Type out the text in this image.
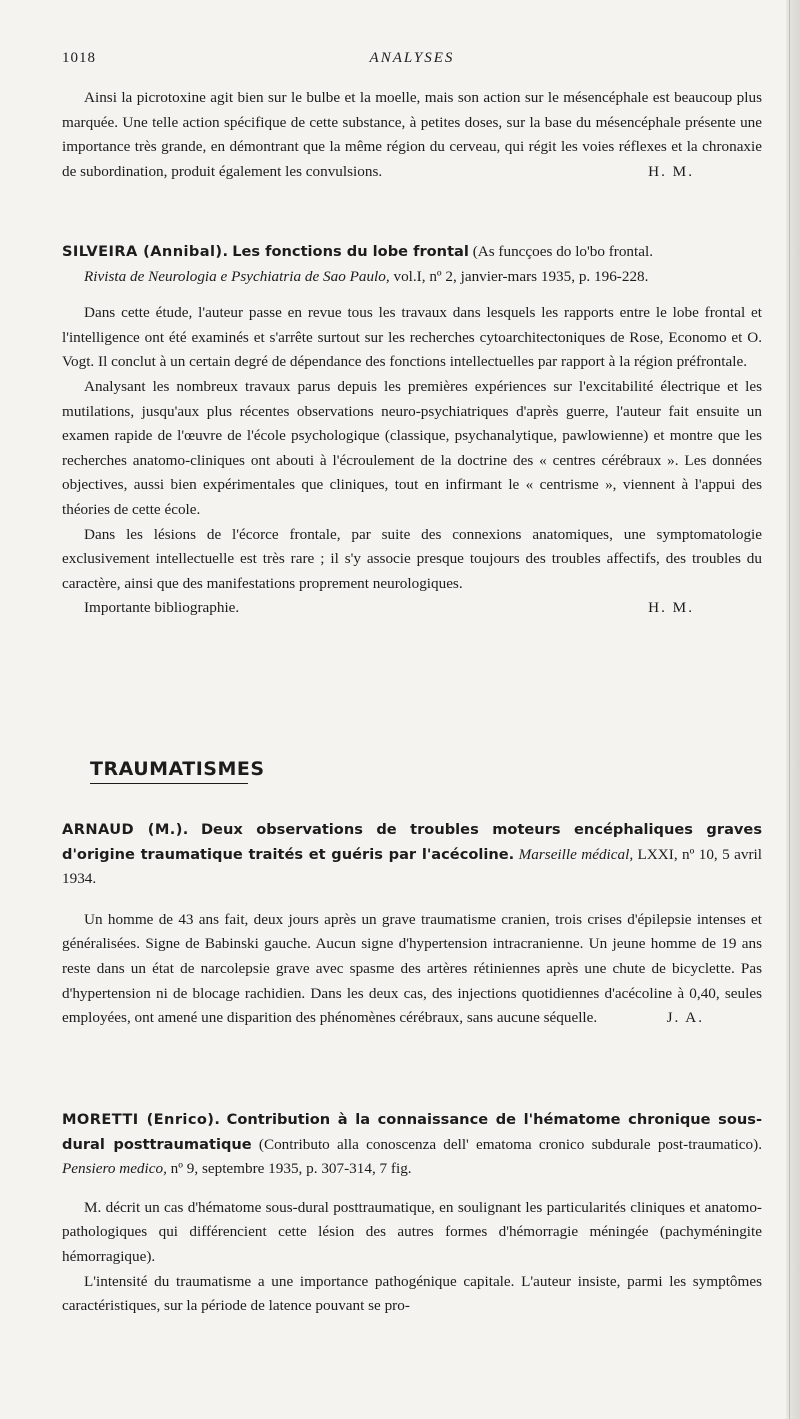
1018	ANALYSES

Ainsi la picrotoxine agit bien sur le bulbe et la moelle, mais son action sur le mésencéphale est beaucoup plus marquée. Une telle action spécifique de cette substance, à petites doses, sur la base du mésencéphale présente une importance très grande, en démontrant que la même région du cerveau, qui régit les voies réflexes et la chronaxie de subordination, produit également les convulsions.	H. M.

SILVEIRA (Annibal). Les fonctions du lobe frontal (As funcçoes do lo'bo frontal.
Rivista de Neurologia e Psychiatria de Sao Paulo, vol.I, nº 2, janvier-mars 1935, p. 196-228.

Dans cette étude, l'auteur passe en revue tous les travaux dans lesquels les rapports entre le lobe frontal et l'intelligence ont été examinés et s'arrête surtout sur les recherches cytoarchitectoniques de Rose, Economo et O. Vogt. Il conclut à un certain degré de dépendance des fonctions intellectuelles par rapport à la région préfrontale.

Analysant les nombreux travaux parus depuis les premières expériences sur l'excitabilité électrique et les mutilations, jusqu'aux plus récentes observations neuro-psychiatriques d'après guerre, l'auteur fait ensuite un examen rapide de l'œuvre de l'école psychologique (classique, psychanalytique, pawlowienne) et montre que les recherches anatomo-cliniques ont abouti à l'écroulement de la doctrine des « centres cérébraux ». Les données objectives, aussi bien expérimentales que cliniques, tout en infirmant le « centrisme », viennent à l'appui des théories de cette école.

Dans les lésions de l'écorce frontale, par suite des connexions anatomiques, une symptomatologie exclusivement intellectuelle est très rare ; il s'y associe presque toujours des troubles affectifs, des troubles du caractère, ainsi que des manifestations proprement neurologiques.

Importante bibliographie.	H. M.

TRAUMATISMES
ARNAUD (M.). Deux observations de troubles moteurs encéphaliques graves d'origine traumatique traités et guéris par l'acécoline. Marseille médical, LXXI, nº 10, 5 avril 1934.

Un homme de 43 ans fait, deux jours après un grave traumatisme cranien, trois crises d'épilepsie intenses et généralisées. Signe de Babinski gauche. Aucun signe d'hypertension intracranienne. Un jeune homme de 19 ans reste dans un état de narcolepsie grave avec spasme des artères rétiniennes après une chute de bicyclette. Pas d'hypertension ni de blocage rachidien. Dans les deux cas, des injections quotidiennes d'acécoline à 0,40, seules employées, ont amené une disparition des phénomènes cérébraux, sans aucune séquelle.	J. A.

MORETTI (Enrico). Contribution à la connaissance de l'hématome chronique sous-dural posttraumatique (Contributo alla conoscenza dell' ematoma cronico subdurale post-traumatico). Pensiero medico, nº 9, septembre 1935, p. 307-314, 7 fig.

M. décrit un cas d'hématome sous-dural posttraumatique, en soulignant les particularités cliniques et anatomo-pathologiques qui différencient cette lésion des autres formes d'hémorragie méningée (pachyméningite hémorragique).

L'intensité du traumatisme a une importance pathogénique capitale. L'auteur insiste, parmi les symptômes caractéristiques, sur la période de latence pouvant se pro-
